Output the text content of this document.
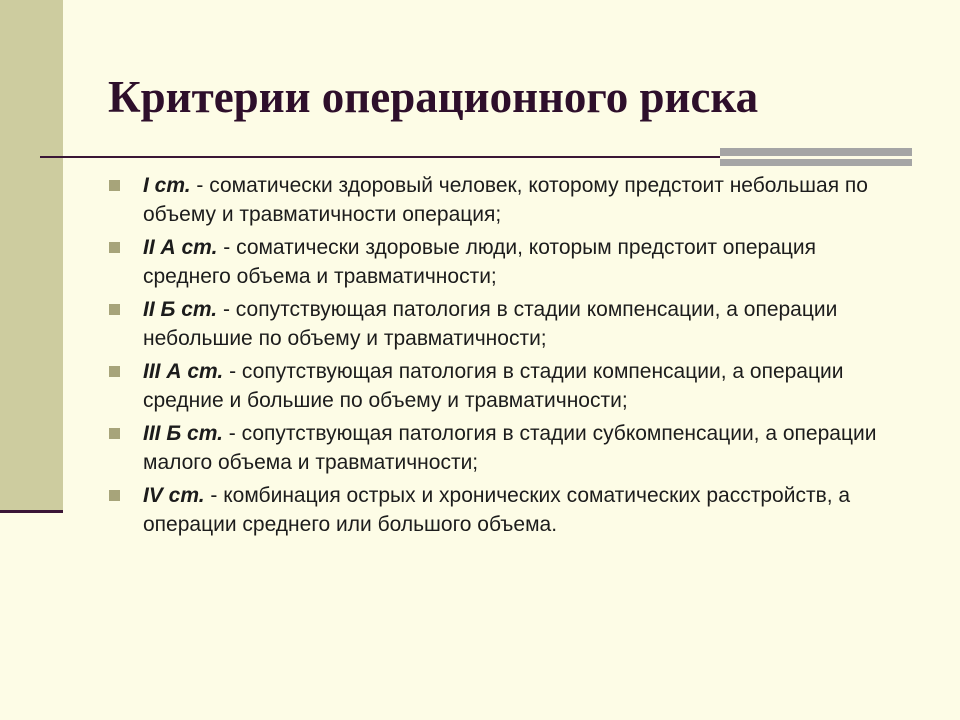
Критерии операционного риска
I ст. - соматически здоровый человек, которому предстоит небольшая по объему и травматичности операция;
II А ст. - соматически здоровые люди, которым предстоит операция среднего объема и травматичности;
II Б ст. - сопутствующая патология в стадии компенсации, а операции небольшие по объему и травматичности;
III А ст. - сопутствующая патология в стадии компенсации, а операции средние и большие по объему и травматичности;
III Б ст. - сопутствующая патология в стадии субкомпенсации, а операции малого объема и травматичности;
IV ст. - комбинация острых и хронических соматических расстройств, а операции среднего или большого объема.
